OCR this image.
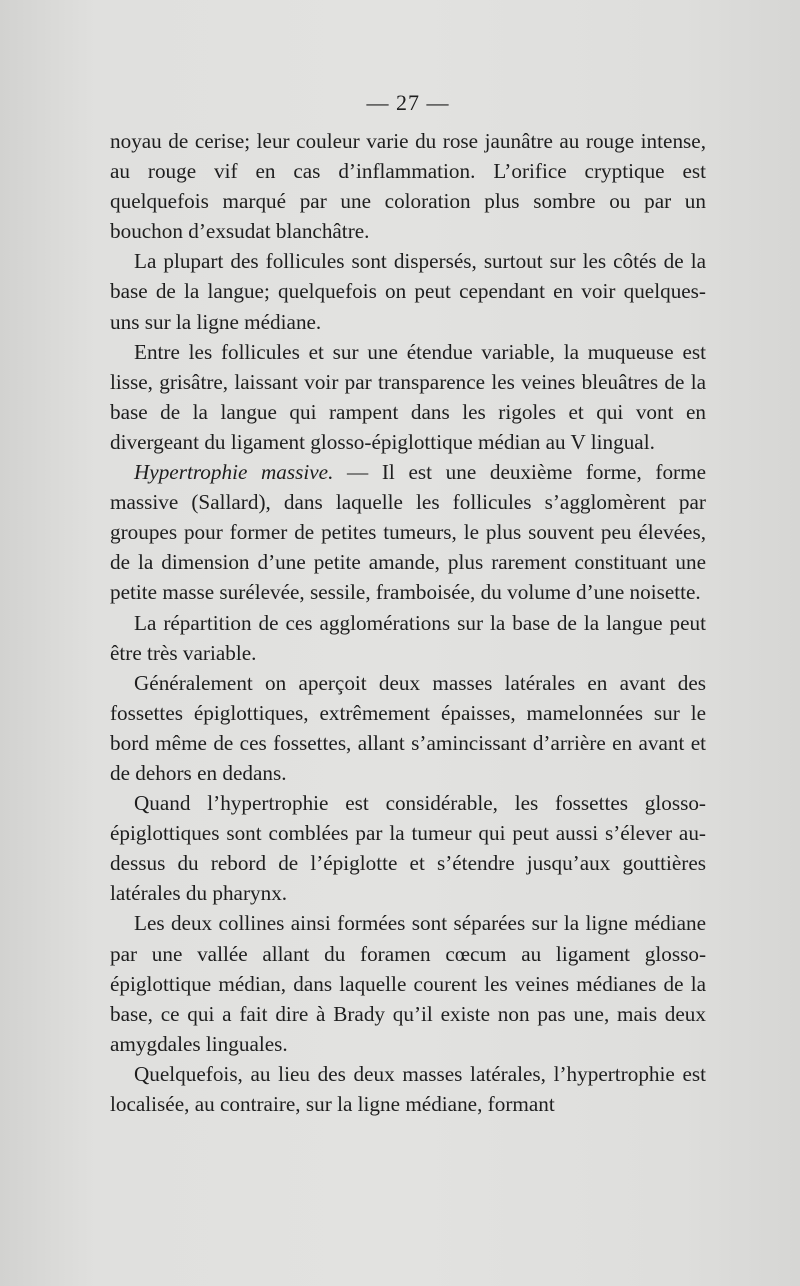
— 27 —

noyau de cerise; leur couleur varie du rose jaunâtre au rouge intense, au rouge vif en cas d’inflammation. L’orifice cryptique est quelquefois marqué par une coloration plus sombre ou par un bouchon d’exsudat blanchâtre.

La plupart des follicules sont dispersés, surtout sur les côtés de la base de la langue; quelquefois on peut cependant en voir quelques-uns sur la ligne médiane.

Entre les follicules et sur une étendue variable, la muqueuse est lisse, grisâtre, laissant voir par transparence les veines bleuâtres de la base de la langue qui rampent dans les rigoles et qui vont en divergeant du ligament glosso-épiglottique médian au V lingual.

Hypertrophie massive. — Il est une deuxième forme, forme massive (Sallard), dans laquelle les follicules s’agglomèrent par groupes pour former de petites tumeurs, le plus souvent peu élevées, de la dimension d’une petite amande, plus rarement constituant une petite masse surélevée, sessile, framboisée, du volume d’une noisette.

La répartition de ces agglomérations sur la base de la langue peut être très variable.

Généralement on aperçoit deux masses latérales en avant des fossettes épiglottiques, extrêmement épaisses, mamelonnées sur le bord même de ces fossettes, allant s’amincissant d’arrière en avant et de dehors en dedans.

Quand l’hypertrophie est considérable, les fossettes glosso-épiglottiques sont comblées par la tumeur qui peut aussi s’élever au-dessus du rebord de l’épiglotte et s’étendre jusqu’aux gouttières latérales du pharynx.

Les deux collines ainsi formées sont séparées sur la ligne médiane par une vallée allant du foramen cœcum au ligament glosso-épiglottique médian, dans laquelle courent les veines médianes de la base, ce qui a fait dire à Brady qu’il existe non pas une, mais deux amygdales linguales.

Quelquefois, au lieu des deux masses latérales, l’hypertrophie est localisée, au contraire, sur la ligne médiane, formant
